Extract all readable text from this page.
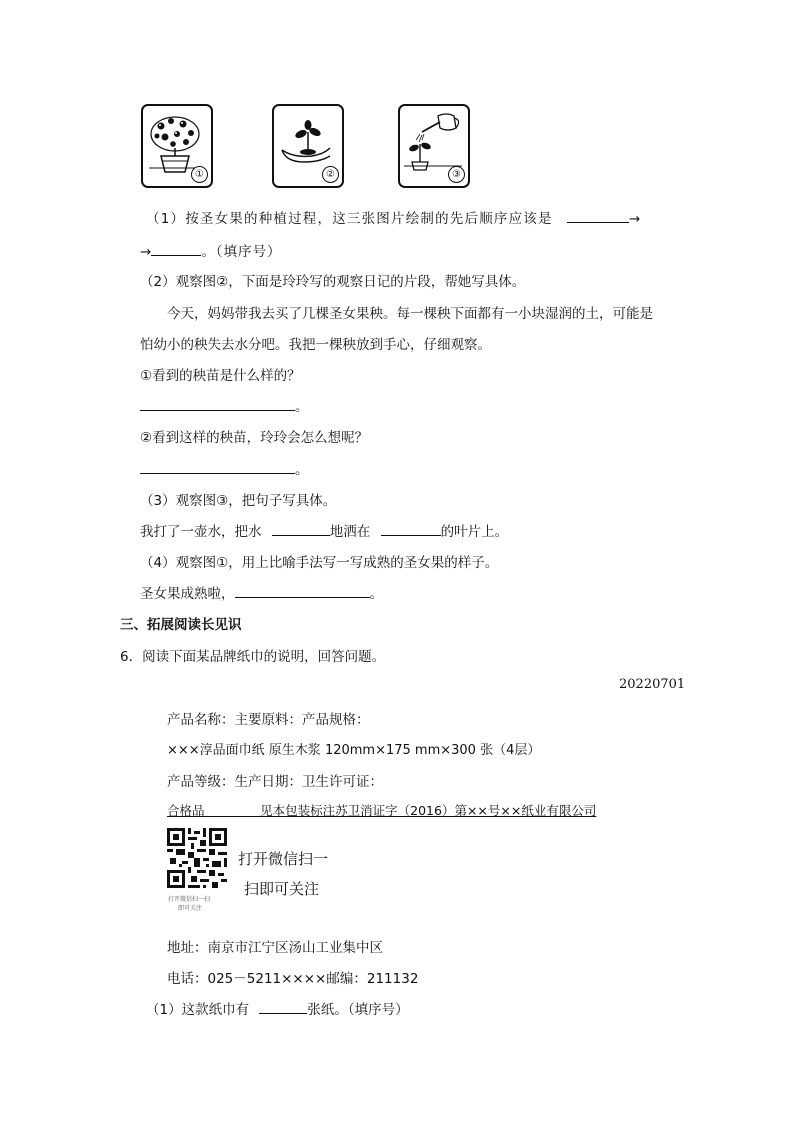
①	②	③
（1）按圣女果的种植过程，这三张图片绘制的先后顺序应该是	→
→	。（填序号）
（2）观察图②，下面是玲玲写的观察日记的片段，帮她写具体。
今天，妈妈带我去买了几棵圣女果秧。每一棵秧下面都有一小块湿润的土，可能是
怕幼小的秧失去水分吧。我把一棵秧放到手心，仔细观察。
①看到的秧苗是什么样的？
。
②看到这样的秧苗，玲玲会怎么想呢？
。
（3）观察图③，把句子写具体。
我打了一壶水，把水	地洒在	的叶片上。
（4）观察图①，用上比喻手法写一写成熟的圣女果的样子。
圣女果成熟啦，	。
三、拓展阅读长见识
6．阅读下面某品牌纸巾的说明，回答问题。
20220701
产品名称：主要原料：产品规格：
×××淳品面巾纸 原生木浆 120mm×175 mm×300 张（4层）
产品等级：生产日期：卫生许可证：
合格品              见本包装标注苏卫消证字（2016）第××号××纸业有限公司
打开微信扫一扫
即可关注
打开微信扫一
扫即可关注
地址：南京市江宁区汤山工业集中区
电话：025－5211××××邮编：211132
（1）这款纸巾有	张纸。（填序号）
